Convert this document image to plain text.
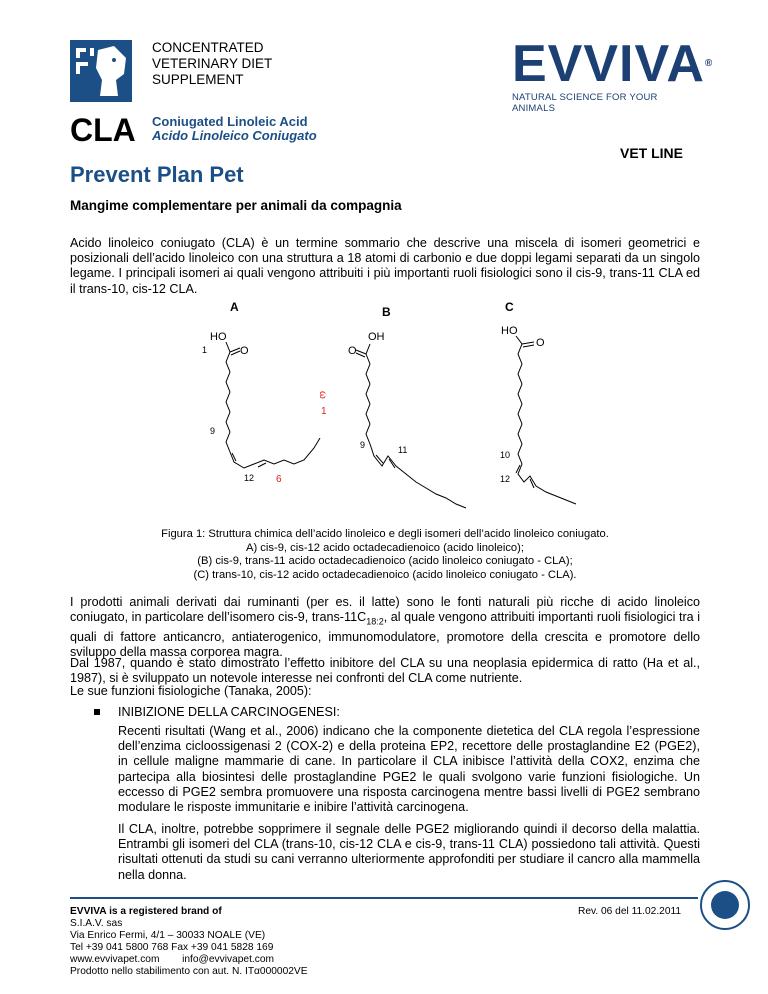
CONCENTRATED
VETERINARY DIET
SUPPLEMENT	EVVIVA®
NATURAL SCIENCE FOR YOUR ANIMALS
CLA Coniugated Linoleic Acid
Acido Linoleico Coniugato
VET LINE
Prevent Plan Pet
Mangime complementare per animali da compagnia
Acido linoleico coniugato (CLA) è un termine sommario che descrive una miscela di isomeri geometrici e posizionali dell’acido linoleico con una struttura a 18 atomi di carbonio e due doppi legami separati da un singolo legame. I principali isomeri ai quali vengono attribuiti i più importanti ruoli fisiologici sono il cis-9, trans-11 CLA ed il trans-10, cis-12 CLA.
A	B	C
HO
1	O
OH
O
HO
O
9
12 6
ω
1
9	11	10
12
Figura 1: Struttura chimica dell’acido linoleico e degli isomeri dell’acido linoleico coniugato.
A) cis-9, cis-12 acido octadecadienoico (acido linoleico);
(B) cis-9, trans-11 acido octadecadienoico (acido linoleico coniugato - CLA);
(C) trans-10, cis-12 acido octadecadienoico (acido linoleico coniugato - CLA).
I prodotti animali derivati dai ruminanti (per es. il latte) sono le fonti naturali più ricche di acido linoleico coniugato, in particolare dell’isomero cis-9, trans-$11C_{18:2}$, al quale vengono attribuiti importanti ruoli fisiologici tra i quali di fattore anticancro, antiaterogenico, immunomodulatore, promotore della crescita e promotore dello sviluppo della massa corporea magra.
Dal 1987, quando è stato dimostrato l’effetto inibitore del CLA su una neoplasia epidermica di ratto (Ha et al., 1987), si è sviluppato un notevole interesse nei confronti del CLA come nutriente.
Le sue funzioni fisiologiche (Tanaka, 2005):
INIBIZIONE DELLA CARCINOGENESI:
Recenti risultati (Wang et al., 2006) indicano che la componente dietetica del CLA regola l’espressione dell’enzima cicloossigenasi 2 (COX-2) e della proteina EP2, recettore delle prostaglandine E2 (PGE2), in cellule maligne mammarie di cane. In particolare il CLA inibisce l’attività della COX2, enzima che partecipa alla biosintesi delle prostaglandine PGE2 le quali svolgono varie funzioni fisiologiche. Un eccesso di PGE2 sembra promuovere una risposta carcinogena mentre bassi livelli di PGE2 sembrano modulare le risposte immunitarie e inibire l’attività carcinogena.
Il CLA, inoltre, potrebbe sopprimere il segnale delle PGE2 migliorando quindi il decorso della malattia. Entrambi gli isomeri del CLA (trans-10, cis-12 CLA e cis-9, trans-11 CLA) possiedono tali attività. Questi risultati ottenuti da studi su cani verranno ulteriormente approfonditi per studiare il cancro alla mammella nella donna.
EVVIVA is a registered brand of
S.I.A.V. sas
Via Enrico Fermi, 4/1 – 30033 NOALE (VE)
Tel +39 041 5800 768 Fax +39 041 5828 169
www.evvivapet.com        info@evvivapet.com
Prodotto nello stabilimento con aut. N. ITα000002VE
Rev. 06 del 11.02.2011
